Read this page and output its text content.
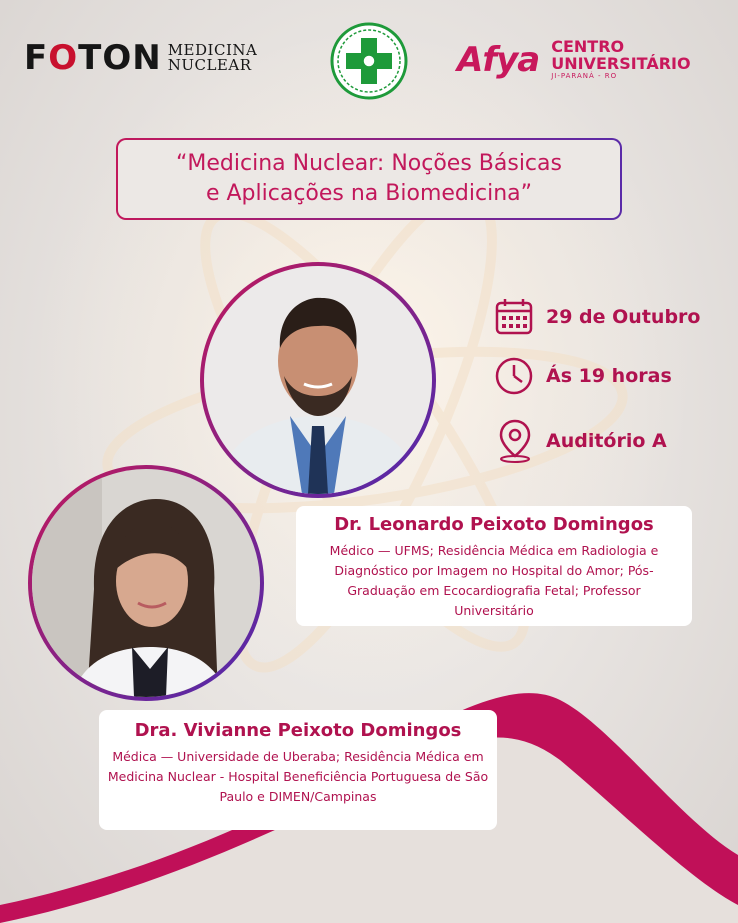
FOTON MEDICINA
NUCLEAR	Afya CENTRO
UNIVERSITÁRIO
JI-PARANÁ - RO
“Medicina Nuclear: Noções Básicas
e Aplicações na Biomedicina”
29 de Outubro
Ás 19 horas
Auditório A
Dr. Leonardo Peixoto Domingos
Médico — UFMS; Residência Médica em Radiologia e Diagnóstico por Imagem no Hospital do Amor; Pós-Graduação em Ecocardiografia Fetal; Professor Universitário
Dra. Vivianne Peixoto Domingos
Médica — Universidade de Uberaba; Residência Médica em Medicina Nuclear - Hospital Beneficiência Portuguesa de São Paulo e DIMEN/Campinas
